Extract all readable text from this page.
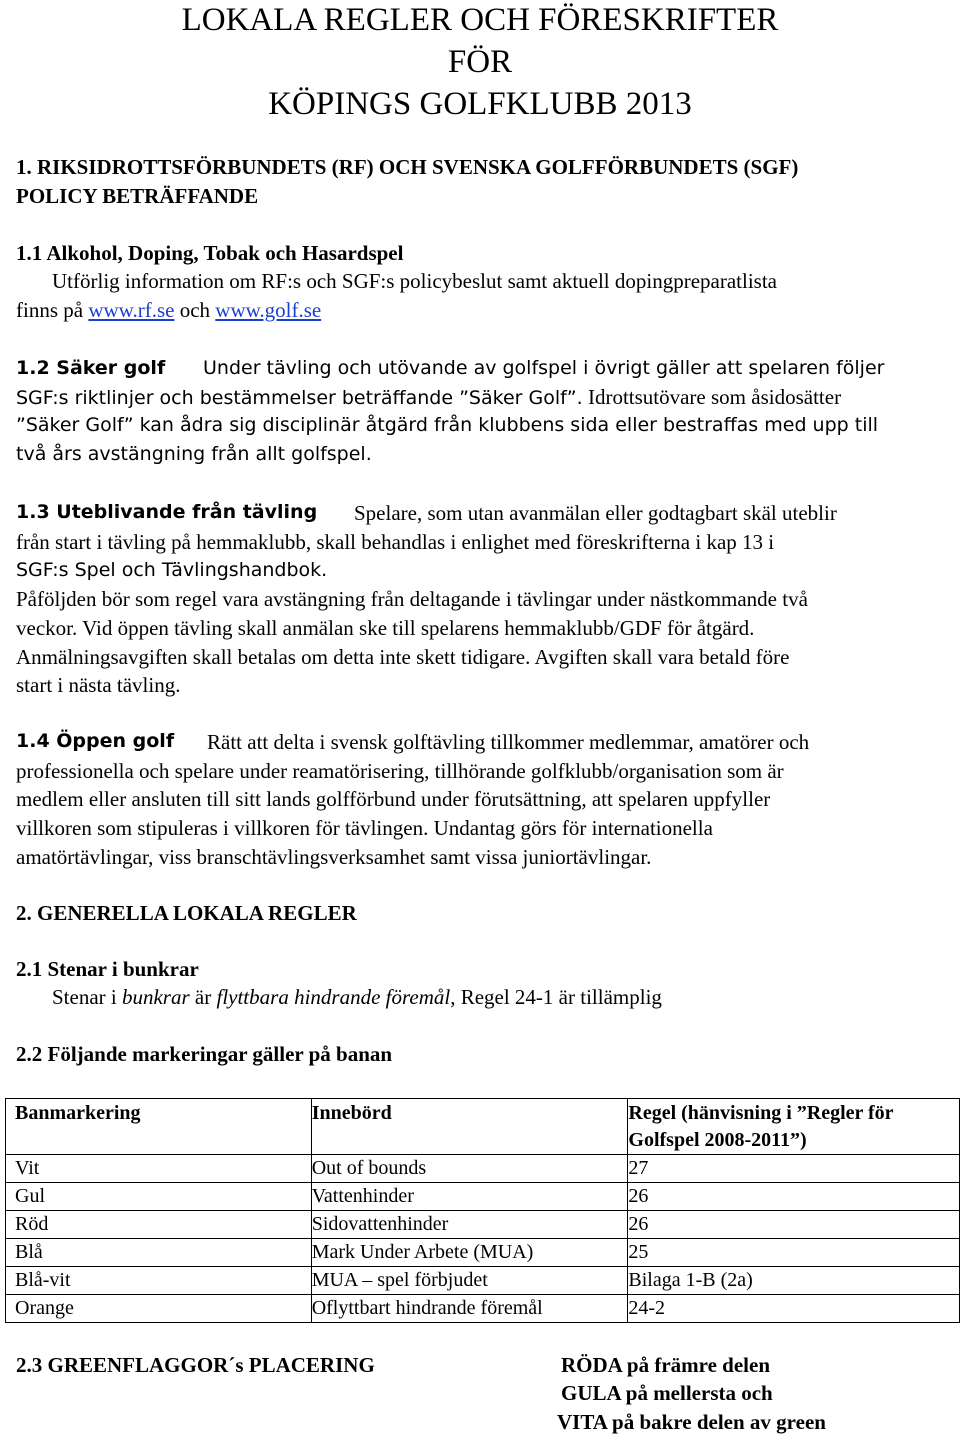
LOKALA REGLER OCH FÖRESKRIFTER
FÖR
KÖPINGS GOLFKLUBB 2013
1. RIKSIDROTTSFÖRBUNDETS (RF) OCH SVENSKA GOLFFÖRBUNDETS (SGF)
POLICY BETRÄFFANDE
1.1 Alkohol, Doping, Tobak och Hasardspel
Utförlig information om RF:s och SGF:s policybeslut samt aktuell dopingpreparatlista
finns på www.rf.se och www.golf.se
1.2 Säker golf Under tävling och utövande av golfspel i övrigt gäller att spelaren följer
SGF:s riktlinjer och bestämmelser beträffande ”Säker Golf”. Idrottsutövare som åsidosätter
”Säker Golf” kan ådra sig disciplinär åtgärd från klubbens sida eller bestraffas med upp till
två års avstängning från allt golfspel.
1.3 Uteblivande från tävling Spelare, som utan avanmälan eller godtagbart skäl uteblir
från start i tävling på hemmaklubb, skall behandlas i enlighet med föreskrifterna i kap 13 i
SGF:s Spel och Tävlingshandbok.
Påföljden bör som regel vara avstängning från deltagande i tävlingar under nästkommande två
veckor. Vid öppen tävling skall anmälan ske till spelarens hemmaklubb/GDF för åtgärd.
Anmälningsavgiften skall betalas om detta inte skett tidigare. Avgiften skall vara betald före
start i nästa tävling.
1.4 Öppen golf Rätt att delta i svensk golftävling tillkommer medlemmar, amatörer och
professionella och spelare under reamatörisering, tillhörande golfklubb/organisation som är
medlem eller ansluten till sitt lands golfförbund under förutsättning, att spelaren uppfyller
villkoren som stipuleras i villkoren för tävlingen. Undantag görs för internationella
amatörtävlingar, viss branschtävlingsverksamhet samt vissa juniortävlingar.
2. GENERELLA LOKALA REGLER
2.1 Stenar i bunkrar
Stenar i bunkrar är flyttbara hindrande föremål, Regel 24-1 är tillämplig
2.2 Följande markeringar gäller på banan
Banmarkering	Innebörd	Regel (hänvisning i ”Regler för Golfspel 2008-2011”)
Vit	Out of bounds	27
Gul	Vattenhinder	26
Röd	Sidovattenhinder	26
Blå	Mark Under Arbete (MUA)	25
Blå-vit	MUA – spel förbjudet	Bilaga 1-B (2a)
Orange	Oflyttbart hindrande föremål	24-2
2.3 GREENFLAGGOR´s PLACERING	RÖDA på främre delen
GULA på mellersta och
VITA på bakre delen av green
